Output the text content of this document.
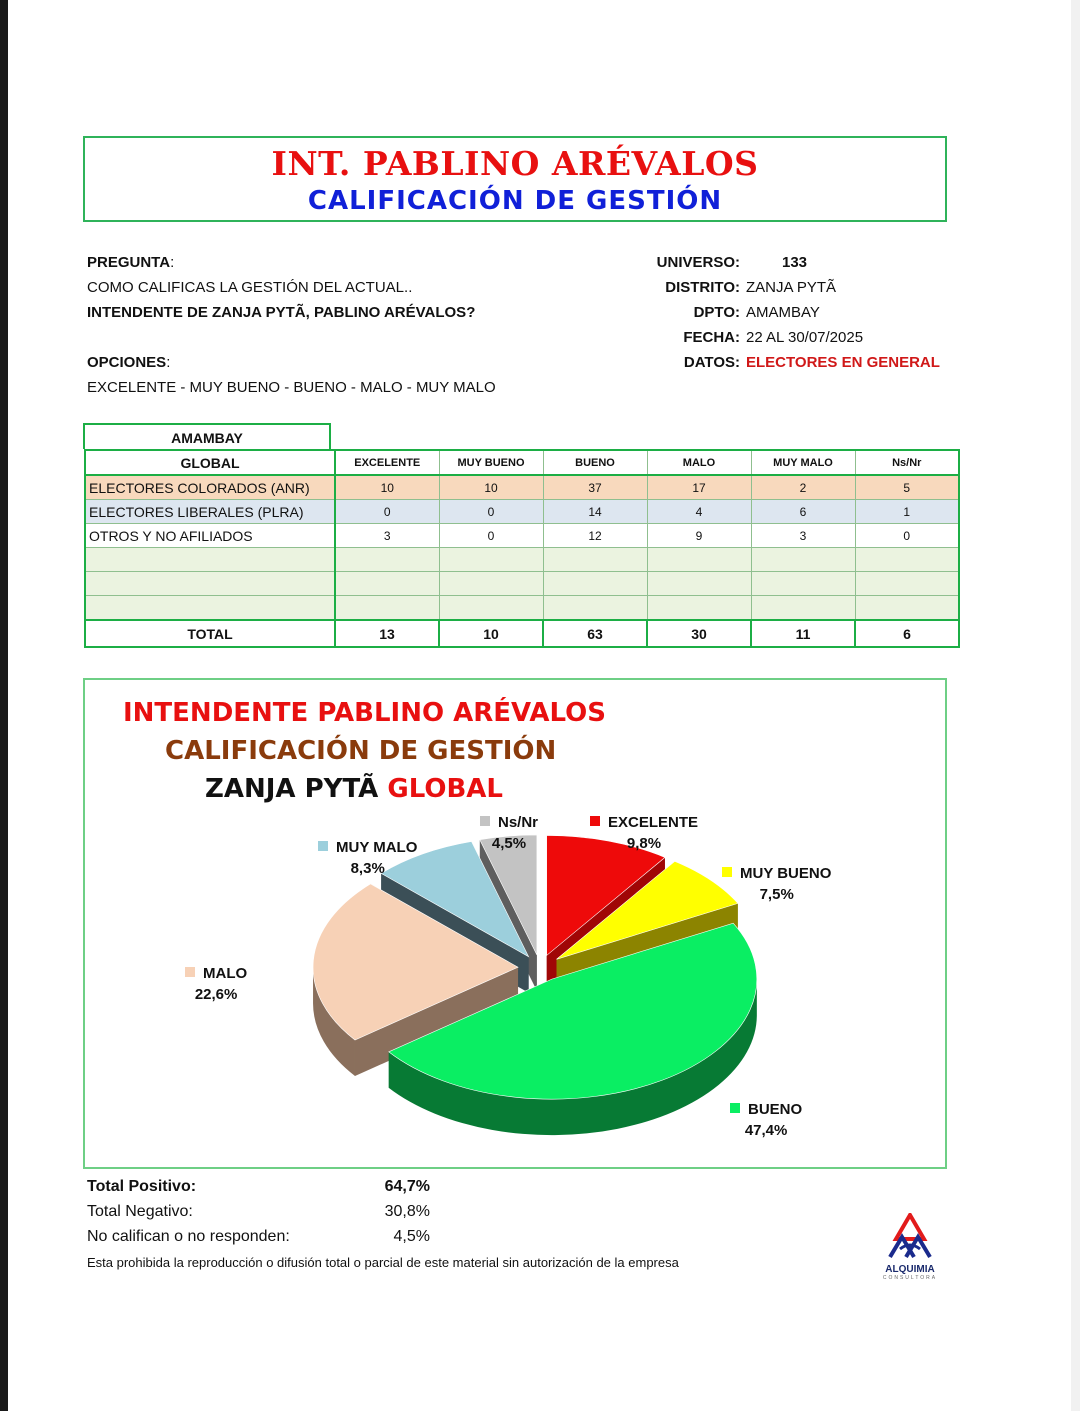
INT. PABLINO ARÉVALOS
CALIFICACIÓN DE GESTIÓN
PREGUNTA:
COMO CALIFICAS LA GESTIÓN DEL ACTUAL..
INTENDENTE DE ZANJA PYTÃ, PABLINO ARÉVALOS?
OPCIONES:
EXCELENTE - MUY BUENO - BUENO - MALO - MUY MALO
UNIVERSO:	133
DISTRITO: ZANJA PYTÃ
DPTO: AMAMBAY
FECHA: 22 AL 30/07/2025
DATOS: ELECTORES EN GENERAL
AMAMBAY
GLOBAL	EXCELENTE	MUY BUENO	BUENO	MALO	MUY MALO	Ns/Nr
ELECTORES COLORADOS (ANR)	10	10	37	17	2	5
ELECTORES LIBERALES (PLRA)	0	0	14	4	6	1
OTROS Y NO AFILIADOS	3	0	12	9	3	0

TOTAL	13	10	63	30	11	6
INTENDENTE PABLINO ARÉVALOS
CALIFICACIÓN DE GESTIÓN
ZANJA PYTÃ GLOBAL
EXCELENTE
9,8%
MUY BUENO
7,5%
BUENO
47,4%
MALO
22,6%
MUY MALO
8,3%
Ns/Nr
4,5%
Total Positivo:	64,7%
Total Negativo:	30,8%
No califican o no responden:	4,5%
Esta prohibida la reproducción o difusión total o parcial de este material sin autorización de la empresa	ALQUIMIA
CONSULTORA
